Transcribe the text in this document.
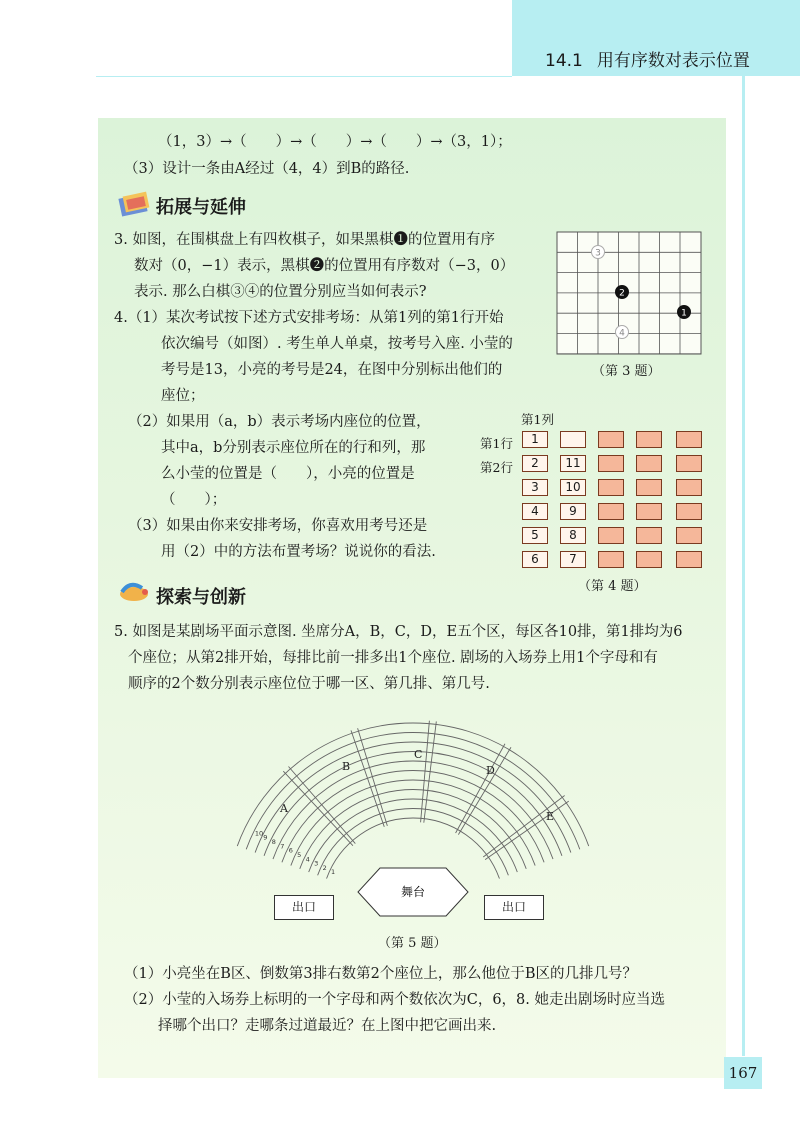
14.1 用有序数对表示位置
（1，3）→（　　）→（　　）→（　　）→（3，1）；
（3）设计一条由A经过（4，4）到B的路径.
拓展与延伸
3. 如图，在围棋盘上有四枚棋子，如果黑棋❶的位置用有序
数对（0，−1）表示，黑棋❷的位置用有序数对（−3，0）
表示. 那么白棋③④的位置分别应当如何表示?
1
2
3
4
（第 3 题）
4.（1）某次考试按下述方式安排考场：从第1列的第1行开始
依次编号（如图）. 考生单人单桌，按考号入座. 小莹的
考号是13，小亮的考号是24，在图中分别标出他们的
座位；
（2）如果用（a，b）表示考场内座位的位置，
其中a，b分别表示座位所在的行和列，那
么小莹的位置是（　　），小亮的位置是
（　　）；
（3）如果由你来安排考场，你喜欢用考号还是
用（2）中的方法布置考场？说说你的看法.
第1列
第1行
第2行
1
2	11
3	10
4	9
5	8
6	7
（第 4 题）
探索与创新
5. 如图是某剧场平面示意图. 坐席分A，B，C，D，E五个区，每区各10排，第1排均为6
个座位；从第2排开始，每排比前一排多出1个座位. 剧场的入场券上用1个字母和有
顺序的2个数分别表示座位位于哪一区、第几排、第几号.
A
B
C
D
E
10
9
8
7
6
5
4
3
2
1
舞台
出口	出口
（第 5 题）
（1）小亮坐在B区、倒数第3排右数第2个座位上，那么他位于B区的几排几号？
（2）小莹的入场券上标明的一个字母和两个数依次为C，6，8. 她走出剧场时应当选
择哪个出口？走哪条过道最近？在上图中把它画出来.
167
